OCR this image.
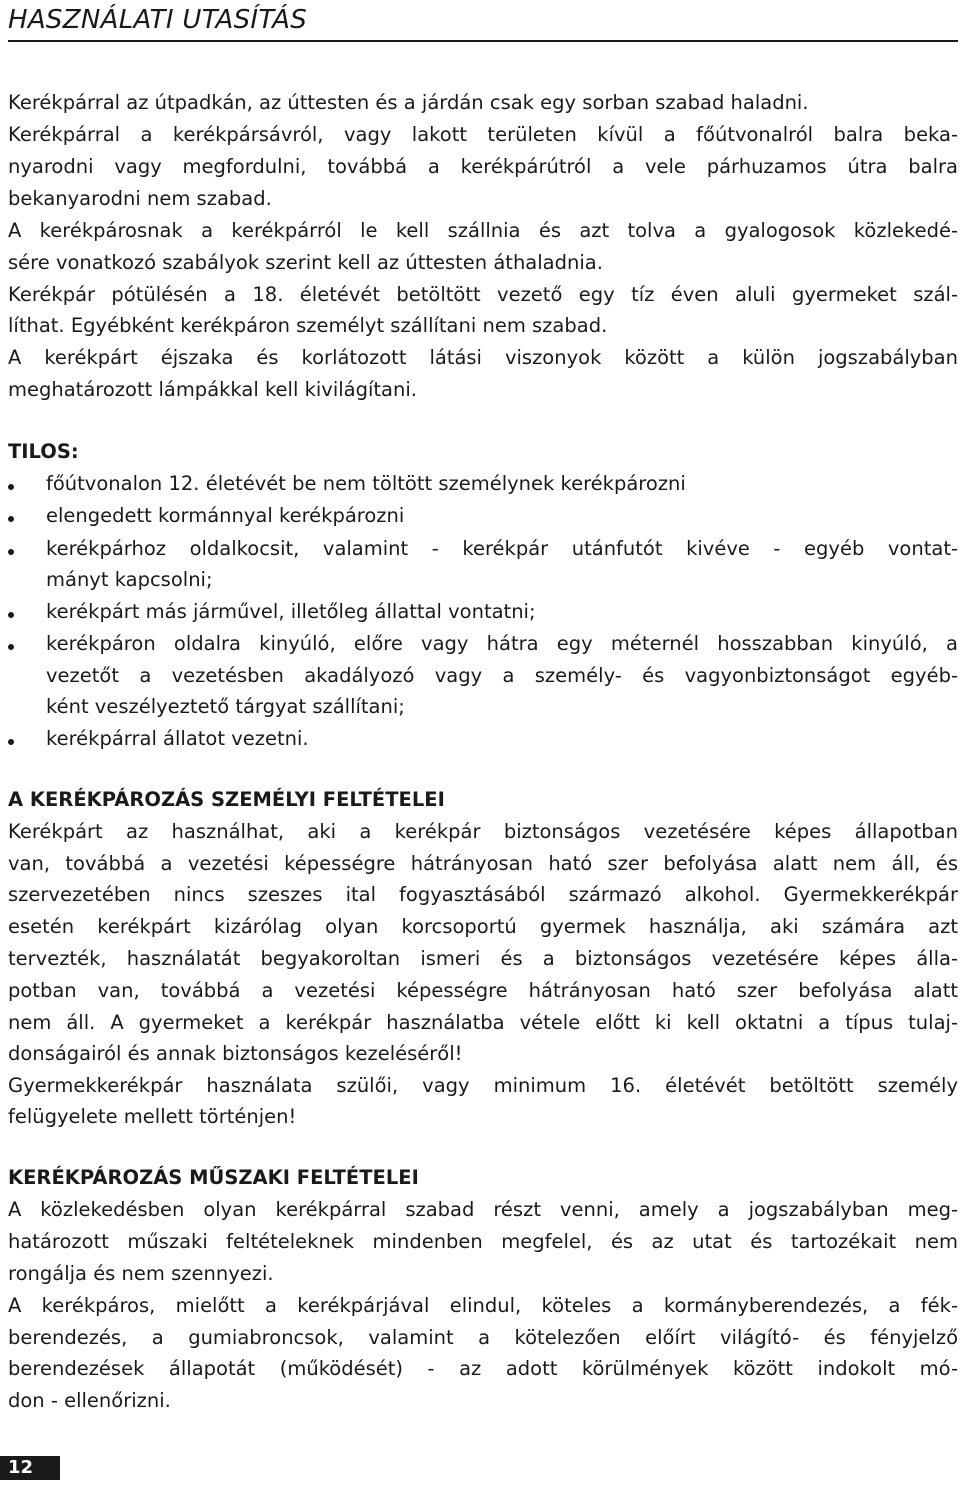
HASZNÁLATI UTASÍTÁS
Kerékpárral az útpadkán, az úttesten és a járdán csak egy sorban szabad haladni.
Kerékpárral a kerékpársávról, vagy lakott területen kívül a főútvonalról balra beka-
nyarodni vagy megfordulni, továbbá a kerékpárútról a vele párhuzamos útra balra
bekanyarodni nem szabad.
A kerékpárosnak a kerékpárról le kell szállnia és azt tolva a gyalogosok közlekedé-
sére vonatkozó szabályok szerint kell az úttesten áthaladnia.
Kerékpár pótülésén a 18. életévét betöltött vezető egy tíz éven aluli gyermeket szál-
líthat. Egyébként kerékpáron személyt szállítani nem szabad.
A kerékpárt éjszaka és korlátozott látási viszonyok között a külön jogszabályban
meghatározott lámpákkal kell kivilágítani.
TILOS:
főútvonalon 12. életévét be nem töltött személynek kerékpározni
elengedett kormánnyal kerékpározni
kerékpárhoz oldalkocsit, valamint - kerékpár utánfutót kivéve - egyéb vontat-
mányt kapcsolni;
kerékpárt más járművel, illetőleg állattal vontatni;
kerékpáron oldalra kinyúló, előre vagy hátra egy méternél hosszabban kinyúló, a
vezetőt a vezetésben akadályozó vagy a személy- és vagyonbiztonságot egyéb-
ként veszélyeztető tárgyat szállítani;
kerékpárral állatot vezetni.
A KERÉKPÁROZÁS SZEMÉLYI FELTÉTELEI
Kerékpárt az használhat, aki a kerékpár biztonságos vezetésére képes állapotban
van, továbbá a vezetési képességre hátrányosan ható szer befolyása alatt nem áll, és
szervezetében nincs szeszes ital fogyasztásából származó alkohol. Gyermekkerékpár
esetén kerékpárt kizárólag olyan korcsoportú gyermek használja, aki számára azt
tervezték, használatát begyakoroltan ismeri és a biztonságos vezetésére képes álla-
potban van, továbbá a vezetési képességre hátrányosan ható szer befolyása alatt
nem áll. A gyermeket a kerékpár használatba vétele előtt ki kell oktatni a típus tulaj-
donságairól és annak biztonságos kezeléséről!
Gyermekkerékpár használata szülői, vagy minimum 16. életévét betöltött személy
felügyelete mellett történjen!
KERÉKPÁROZÁS MŰSZAKI FELTÉTELEI
A közlekedésben olyan kerékpárral szabad részt venni, amely a jogszabályban meg-
határozott műszaki feltételeknek mindenben megfelel, és az utat és tartozékait nem
rongálja és nem szennyezi.
A kerékpáros, mielőtt a kerékpárjával elindul, köteles a kormányberendezés, a fék-
berendezés, a gumiabroncsok, valamint a kötelezően előírt világító- és fényjelző
berendezések állapotát (működését) - az adott körülmények között indokolt mó-
don - ellenőrizni.
12
